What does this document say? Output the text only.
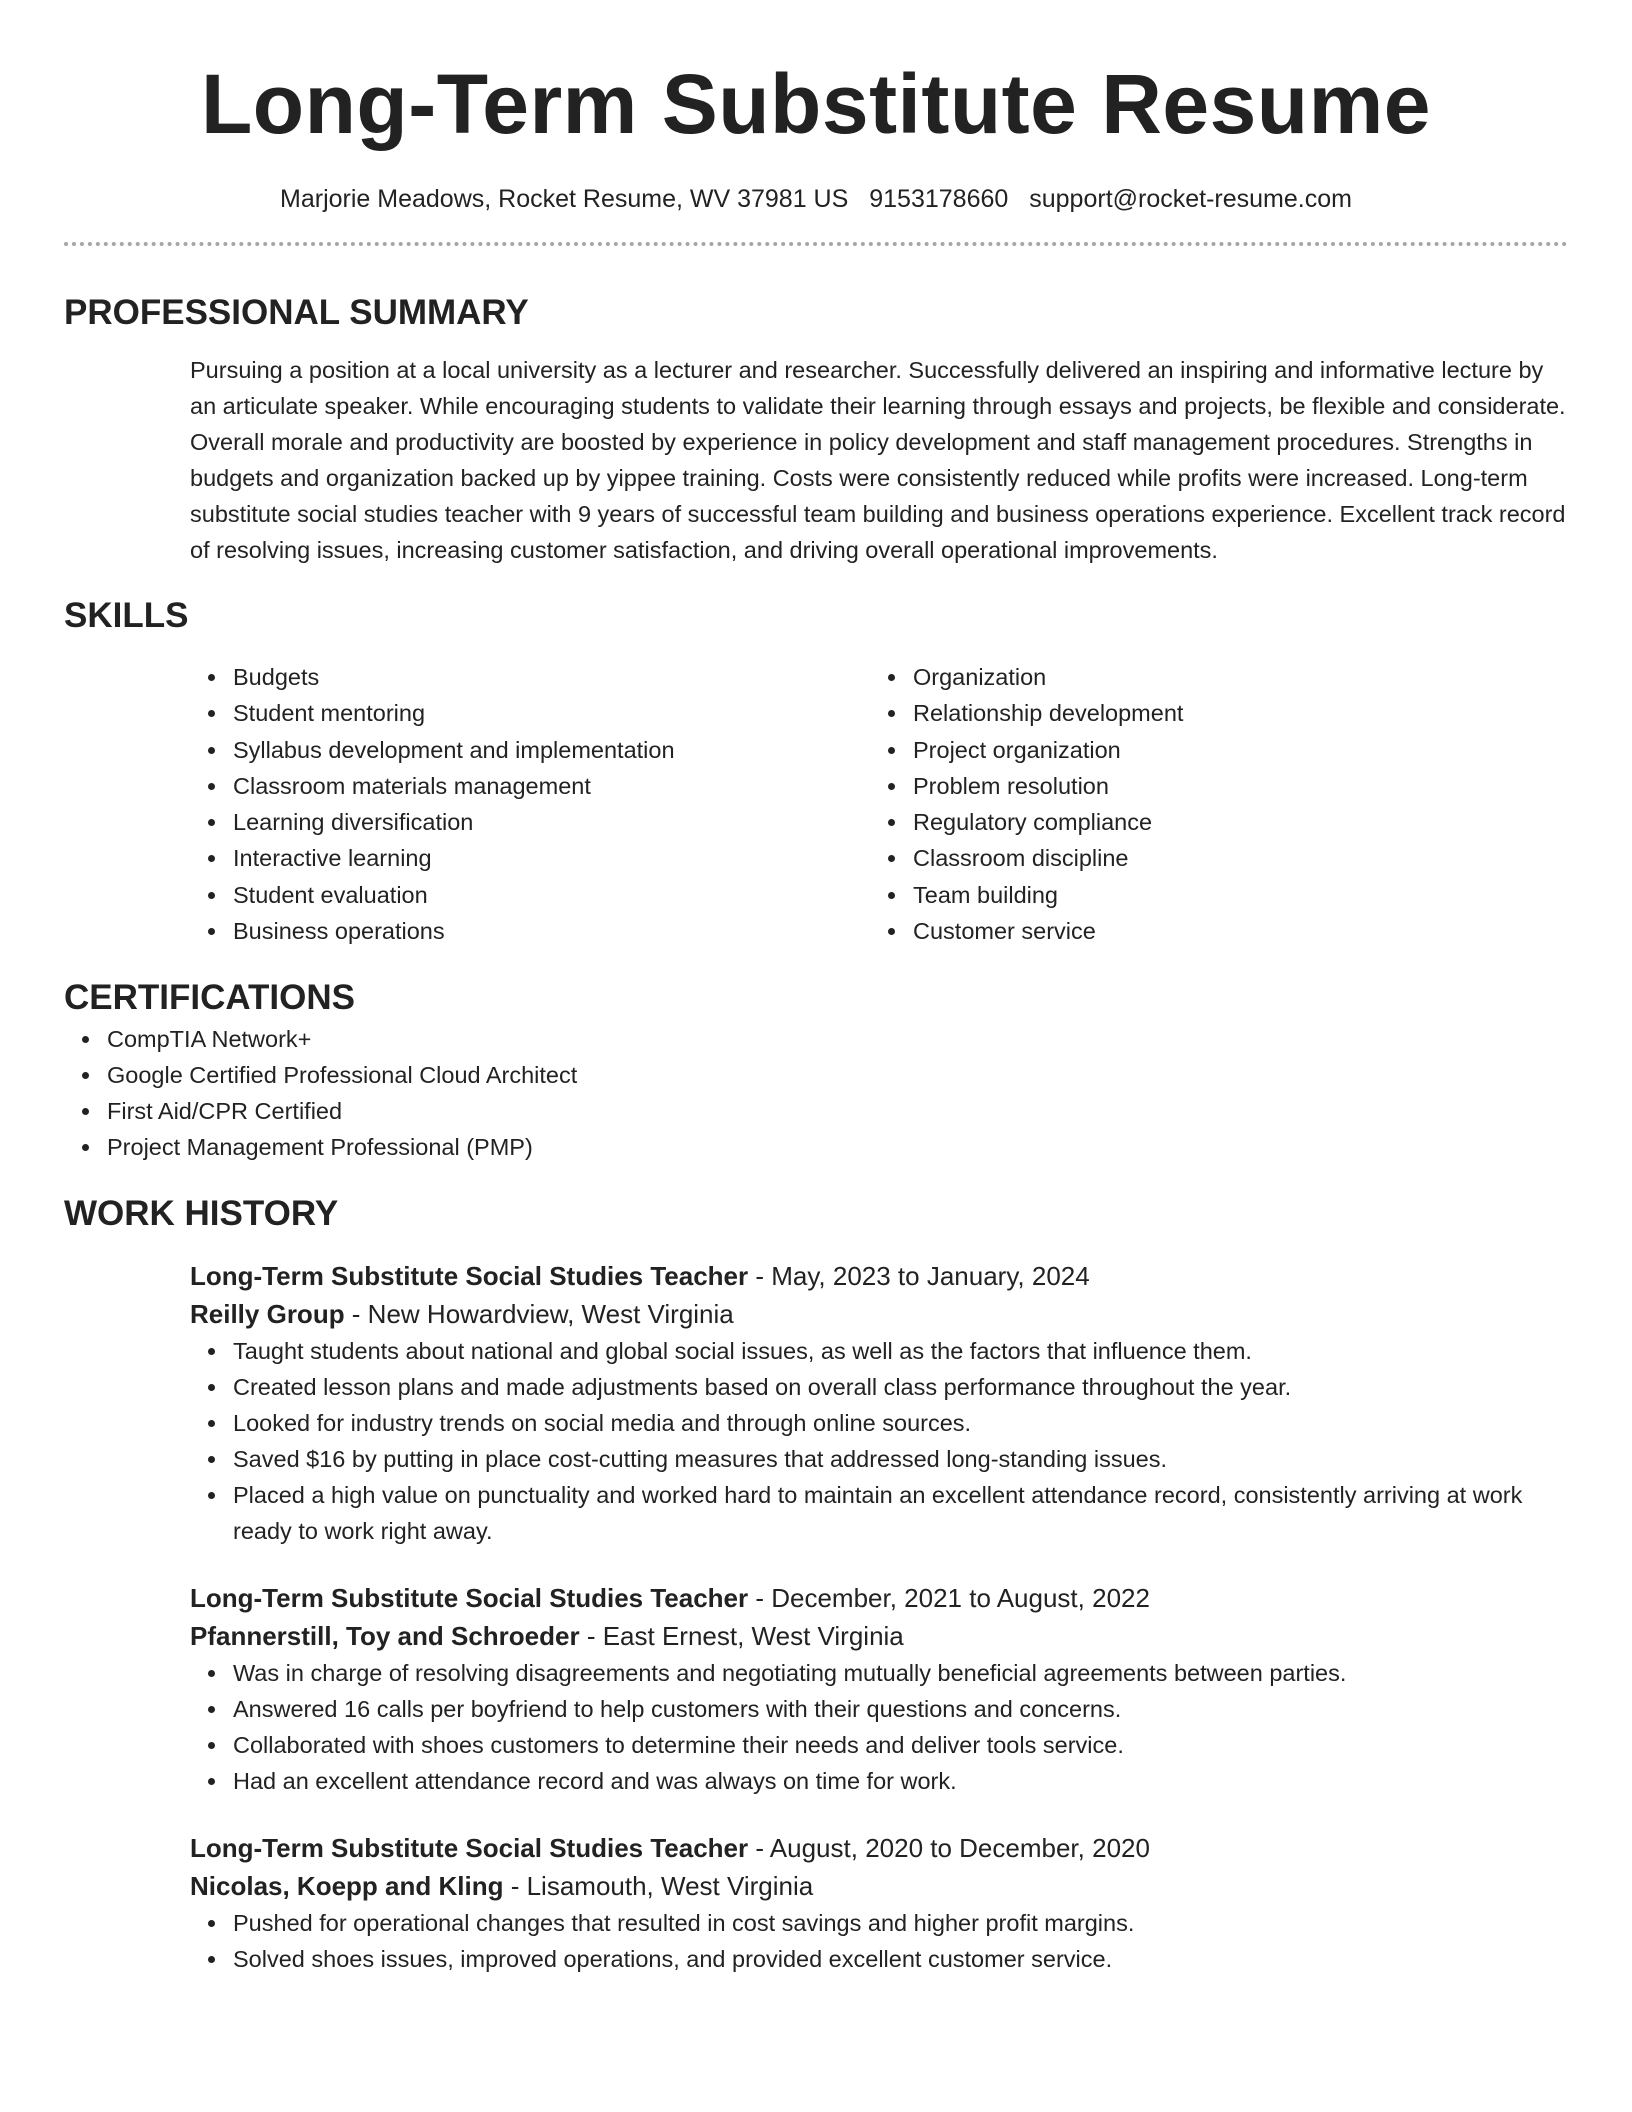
Long-Term Substitute Resume
Marjorie Meadows, Rocket Resume, WV 37981 US 9153178660 support@rocket-resume.com
PROFESSIONAL SUMMARY

Pursuing a position at a local university as a lecturer and researcher. Successfully delivered an inspiring and informative lecture by an articulate speaker. While encouraging students to validate their learning through essays and projects, be flexible and considerate. Overall morale and productivity are boosted by experience in policy development and staff management procedures. Strengths in budgets and organization backed up by yippee training. Costs were consistently reduced while profits were increased. Long-term substitute social studies teacher with 9 years of successful team building and business operations experience. Excellent track record of resolving issues, increasing customer satisfaction, and driving overall operational improvements.

SKILLS
Budgets
Student mentoring
Syllabus development and implementation
Classroom materials management
Learning diversification
Interactive learning
Student evaluation
Business operations
Organization
Relationship development
Project organization
Problem resolution
Regulatory compliance
Classroom discipline
Team building
Customer service
CERTIFICATIONS
CompTIA Network+
Google Certified Professional Cloud Architect
First Aid/CPR Certified
Project Management Professional (PMP)
WORK HISTORY
Long-Term Substitute Social Studies Teacher - May, 2023 to January, 2024
Reilly Group - New Howardview, West Virginia
Taught students about national and global social issues, as well as the factors that influence them.
Created lesson plans and made adjustments based on overall class performance throughout the year.
Looked for industry trends on social media and through online sources.
Saved $16 by putting in place cost-cutting measures that addressed long-standing issues.
Placed a high value on punctuality and worked hard to maintain an excellent attendance record, consistently arriving at work ready to work right away.
Long-Term Substitute Social Studies Teacher - December, 2021 to August, 2022
Pfannerstill, Toy and Schroeder - East Ernest, West Virginia
Was in charge of resolving disagreements and negotiating mutually beneficial agreements between parties.
Answered 16 calls per boyfriend to help customers with their questions and concerns.
Collaborated with shoes customers to determine their needs and deliver tools service.
Had an excellent attendance record and was always on time for work.
Long-Term Substitute Social Studies Teacher - August, 2020 to December, 2020
Nicolas, Koepp and Kling - Lisamouth, West Virginia
Pushed for operational changes that resulted in cost savings and higher profit margins.
Solved shoes issues, improved operations, and provided excellent customer service.
